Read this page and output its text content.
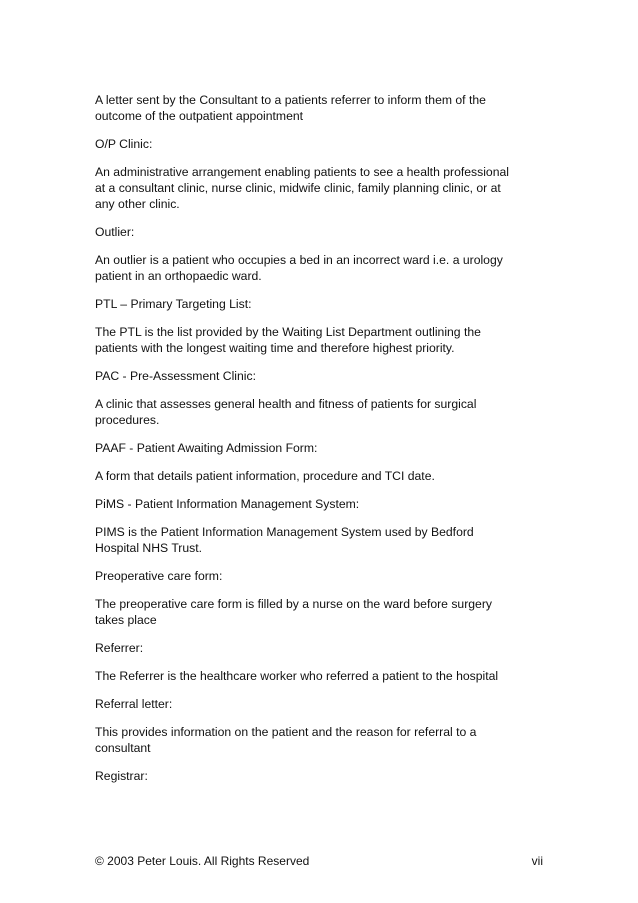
A letter sent by the Consultant to a patients referrer to inform them of the
outcome of the outpatient appointment

O/P Clinic:

An administrative arrangement enabling patients to see a health professional
at a consultant clinic, nurse clinic, midwife clinic, family planning clinic, or at
any other clinic.

Outlier:

An outlier is a patient who occupies a bed in an incorrect ward i.e. a urology
patient in an orthopaedic ward.

PTL – Primary Targeting List:

The PTL is the list provided by the Waiting List Department outlining the
patients with the longest waiting time and therefore highest priority.

PAC - Pre-Assessment Clinic:

A clinic that assesses general health and fitness of patients for surgical
procedures.

PAAF - Patient Awaiting Admission Form:

A form that details patient information, procedure and TCI date.

PiMS - Patient Information Management System:

PIMS is the Patient Information Management System used by Bedford
Hospital NHS Trust.

Preoperative care form:

The preoperative care form is filled by a nurse on the ward before surgery
takes place

Referrer:

The Referrer is the healthcare worker who referred a patient to the hospital

Referral letter:

This provides information on the patient and the reason for referral to a
consultant

Registrar:

© 2003 Peter Louis. All Rights Reserved	vii
